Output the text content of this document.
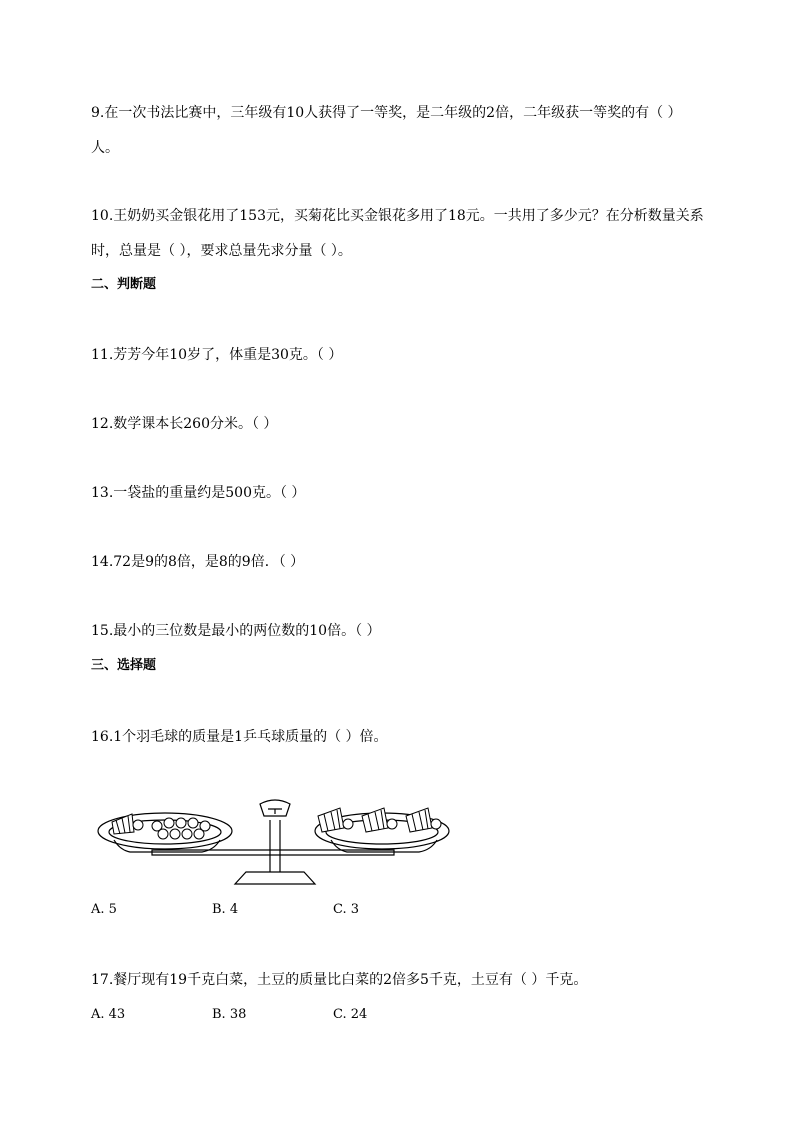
9.在一次书法比赛中，三年级有10人获得了一等奖，是二年级的2倍，二年级获一等奖的有（ ）
人。
10.王奶奶买金银花用了153元，买菊花比买金银花多用了18元。一共用了多少元？在分析数量关系
时，总量是（ ），要求总量先求分量（ ）。
二、判断题
11.芳芳今年10岁了，体重是30克。（ ）
12.数学课本长260分米。（ ）
13.一袋盐的重量约是500克。（ ）
14.72是9的8倍，是8的9倍．（ ）
15.最小的三位数是最小的两位数的10倍。（ ）
三、选择题
16.1个羽毛球的质量是1乒乓球质量的（ ）倍。
A. 5	B. 4	C. 3
17.餐厅现有19千克白菜，土豆的质量比白菜的2倍多5千克，土豆有（ ）千克。
A. 43	B. 38	C. 24
